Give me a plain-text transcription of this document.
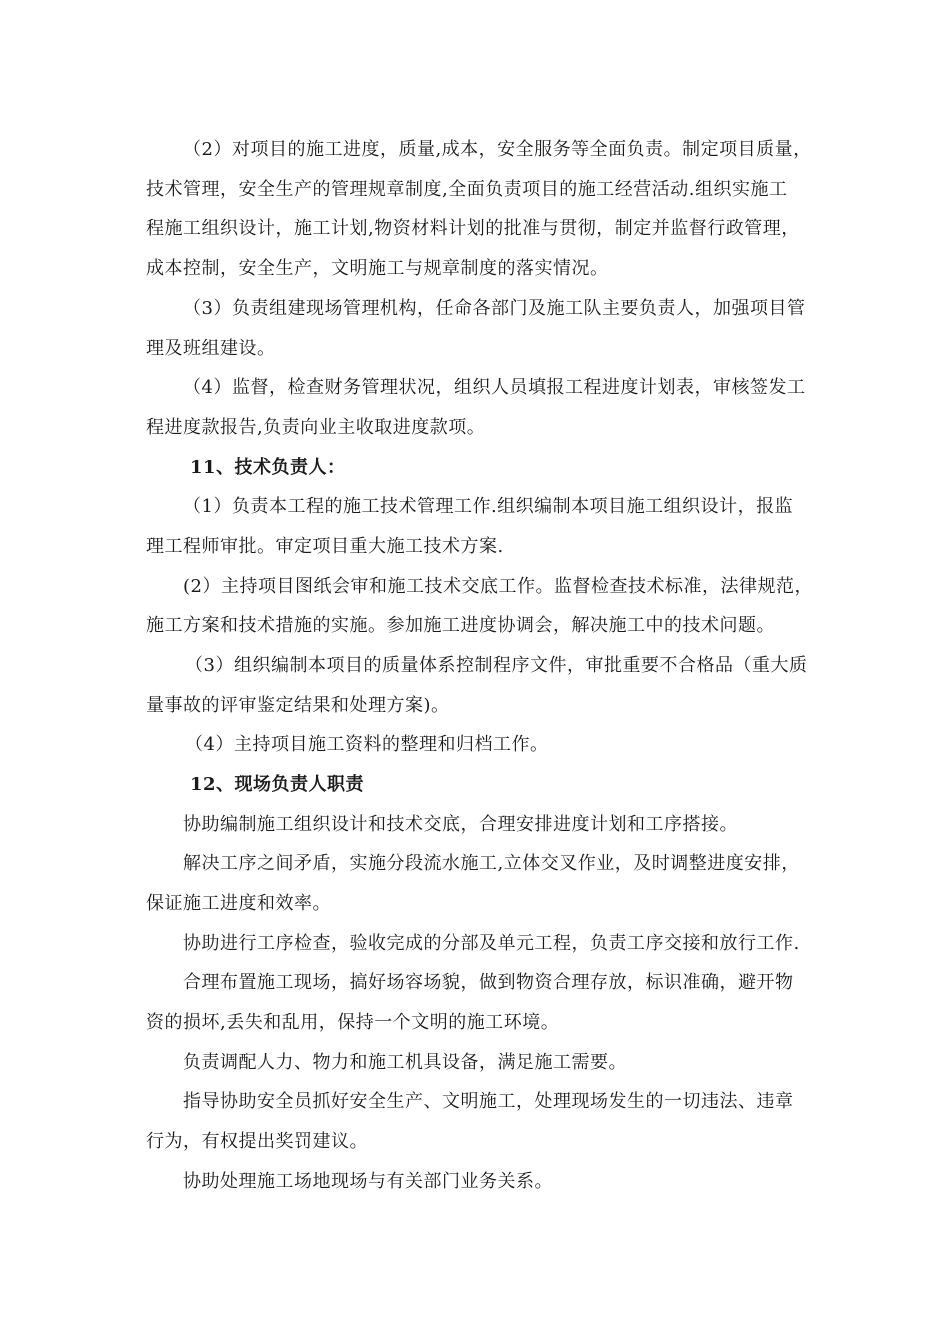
（2）对项目的施工进度，质量,成本，安全服务等全面负责。制定项目质量，
技术管理，安全生产的管理规章制度,全面负责项目的施工经营活动.组织实施工
程施工组织设计，施工计划,物资材料计划的批准与贯彻，制定并监督行政管理，
成本控制，安全生产，文明施工与规章制度的落实情况。
（3）负责组建现场管理机构，任命各部门及施工队主要负责人，加强项目管
理及班组建设。
（4）监督，检查财务管理状况，组织人员填报工程进度计划表，审核签发工
程进度款报告,负责向业主收取进度款项。
11、技术负责人：
（1）负责本工程的施工技术管理工作.组织编制本项目施工组织设计，报监
理工程师审批。审定项目重大施工技术方案.
(2）主持项目图纸会审和施工技术交底工作。监督检查技术标准，法律规范，
施工方案和技术措施的实施。参加施工进度协调会，解决施工中的技术问题。
（3）组织编制本项目的质量体系控制程序文件，审批重要不合格品（重大质
量事故的评审鉴定结果和处理方案)。
（4）主持项目施工资料的整理和归档工作。
12、现场负责人职责
协助编制施工组织设计和技术交底，合理安排进度计划和工序搭接。
解决工序之间矛盾，实施分段流水施工,立体交叉作业，及时调整进度安排，
保证施工进度和效率。
协助进行工序检查，验收完成的分部及单元工程，负责工序交接和放行工作.
合理布置施工现场，搞好场容场貌，做到物资合理存放，标识准确，避开物
资的损坏,丢失和乱用，保持一个文明的施工环境。
负责调配人力、物力和施工机具设备，满足施工需要。
指导协助安全员抓好安全生产、文明施工，处理现场发生的一切违法、违章
行为，有权提出奖罚建议。
协助处理施工场地现场与有关部门业务关系。
